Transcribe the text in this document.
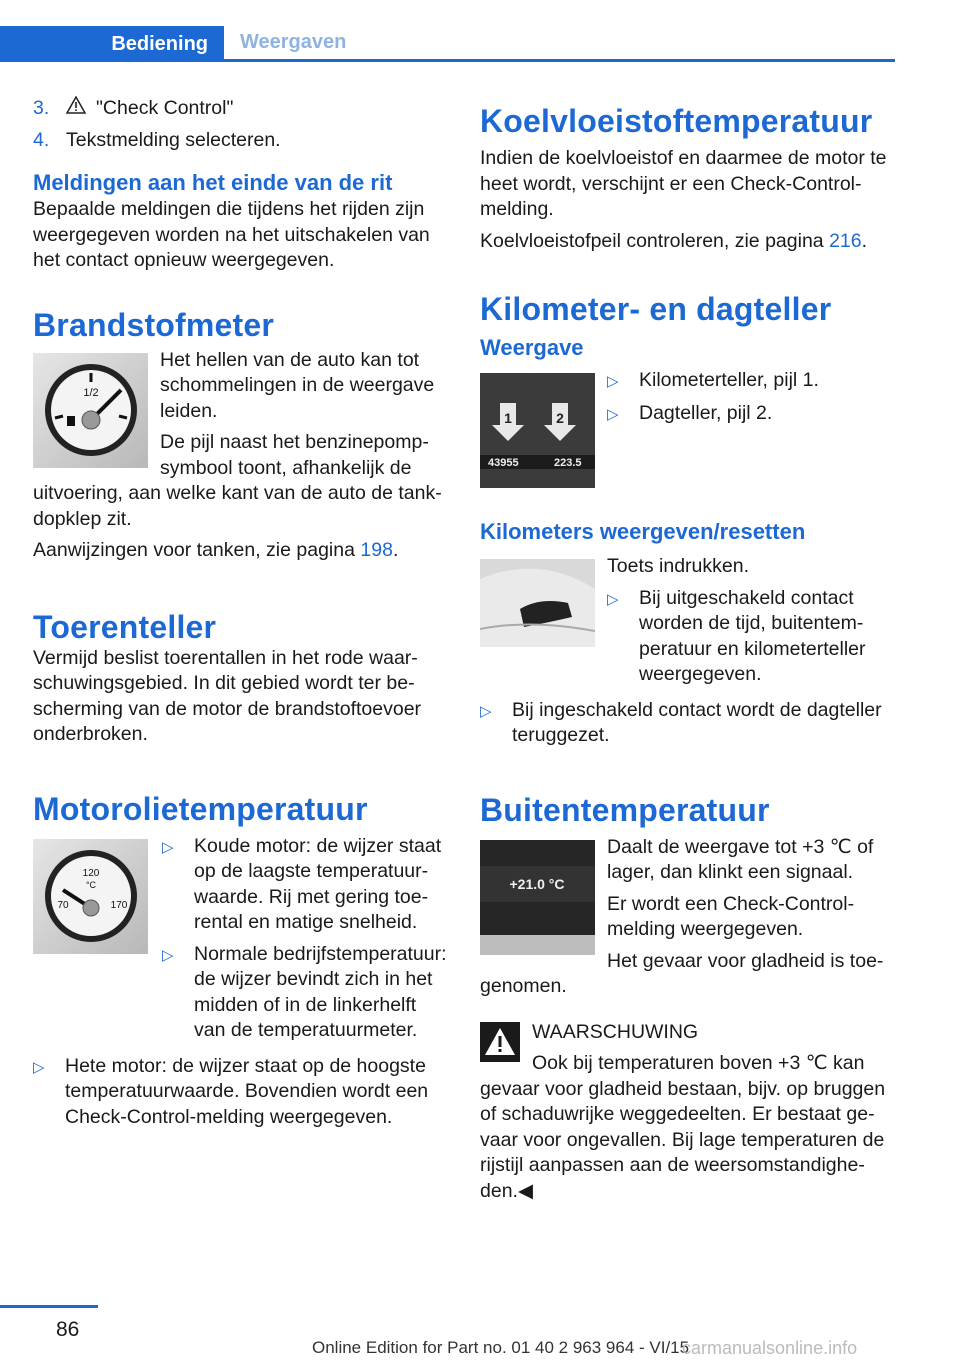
Bediening	Weergaven
3.	"Check Control"
4. Tekstmelding selecteren.
Meldingen aan het einde van de rit

Bepaalde meldingen die tijdens het rijden zijn weergegeven worden na het uitschakelen van het contact opnieuw weergegeven.

Brandstofmeter
1/2

Het hellen van de auto kan tot schommelingen in de weergave leiden.

De pijl naast het benzinepompsymbool toont, afhankelijk de uitvoering, aan welke kant van de auto de tankdopklep zit.

Aanwijzingen voor tanken, zie pagina 198.

Toerenteller

Vermijd beslist toerentallen in het rode waarschuwingsgebied. In dit gebied wordt ter bescherming van de motor de brandstoftoevoer onderbroken.

Motorolietemperatuur
120
°C
70	170
▷	Koude motor: de wijzer staat op de laagste temperatuurwaarde. Rij met gering toerental en matige snelheid.
▷	Normale bedrijfstemperatuur: de wijzer bevindt zich in het midden of in de linkerhelft van de temperatuurmeter.
▷	Hete motor: de wijzer staat op de hoogste temperatuurwaarde. Bovendien wordt een Check-Control-melding weergegeven.
Koelvloeistoftemperatuur

Indien de koelvloeistof en daarmee de motor te heet wordt, verschijnt er een Check-Control-melding.

Koelvloeistofpeil controleren, zie pagina 216.

Kilometer- en dagteller
Weergave
1	2
43955	223.5
▷	Kilometerteller, pijl 1.
▷	Dagteller, pijl 2.
Kilometers weergeven/resetten

Toets indrukken.

▷	Bij uitgeschakeld contact worden de tijd, buitentemperatuur en kilometerteller weergegeven.
▷	Bij ingeschakeld contact wordt de dagteller teruggezet.
Buitentemperatuur
+21.0 °C

Daalt de weergave tot +3 ℃ of lager, dan klinkt een signaal.

Er wordt een Check-Control-melding weergegeven.

Het gevaar voor gladheid is toegenomen.

WAARSCHUWING

Ook bij temperaturen boven +3 ℃ kan gevaar voor gladheid bestaan, bijv. op bruggen of schaduwrijke weggedeelten. Er bestaat gevaar voor ongevallen. Bij lage temperaturen de rijstijl aanpassen aan de weersomstandigheden.◀

86
Online Edition for Part no. 01 40 2 963 964 - VI/15
carmanualsonline.info
